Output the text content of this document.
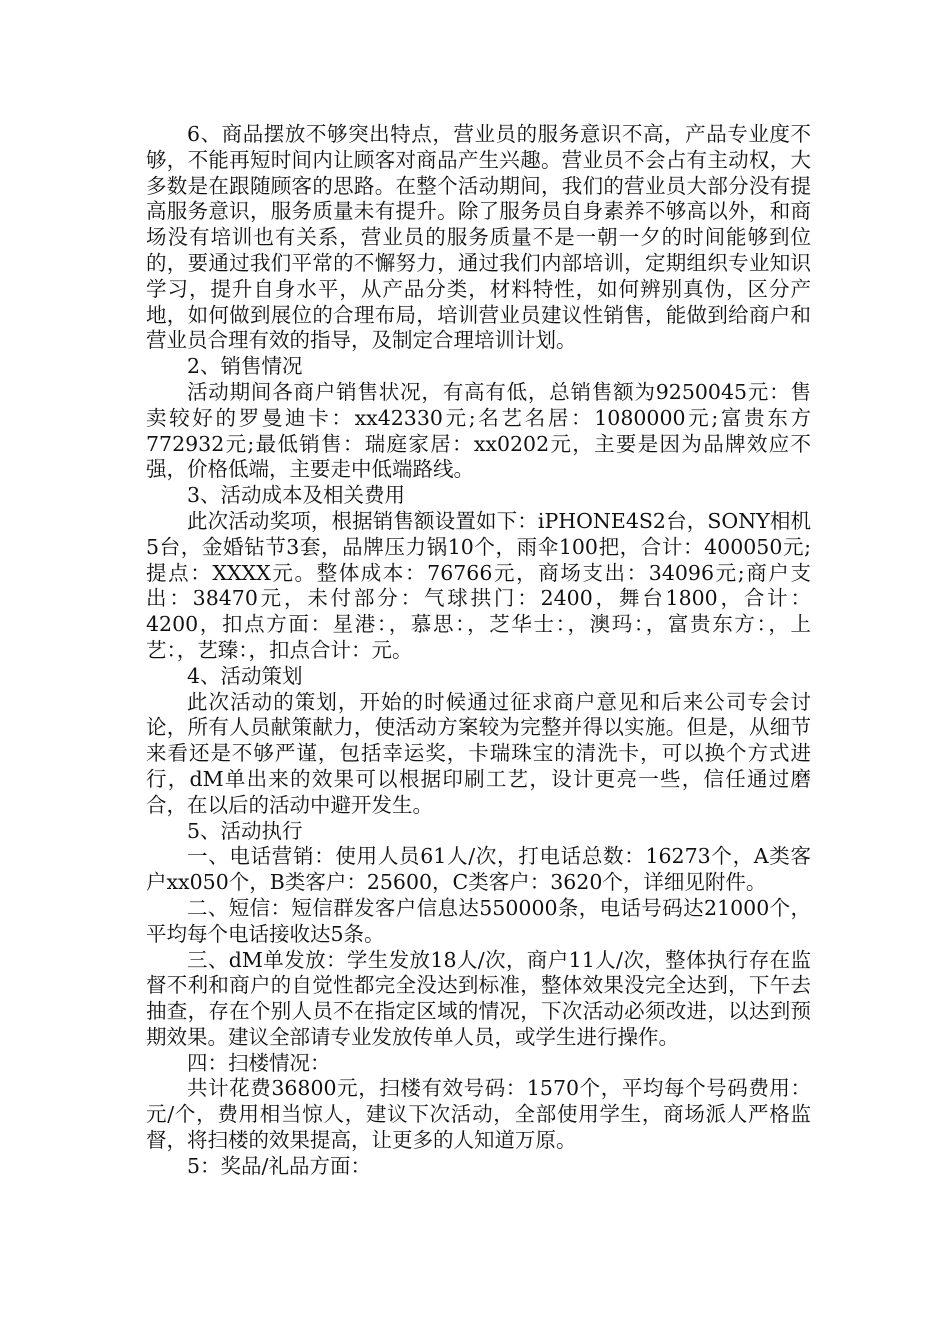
6、商品摆放不够突出特点，营业员的服务意识不高，产品专业度不够，不能再短时间内让顾客对商品产生兴趣。营业员不会占有主动权，大多数是在跟随顾客的思路。在整个活动期间，我们的营业员大部分没有提高服务意识，服务质量未有提升。除了服务员自身素养不够高以外，和商场没有培训也有关系，营业员的服务质量不是一朝一夕的时间能够到位的，要通过我们平常的不懈努力，通过我们内部培训，定期组织专业知识学习，提升自身水平，从产品分类，材料特性，如何辨别真伪，区分产地，如何做到展位的合理布局，培训营业员建议性销售，能做到给商户和营业员合理有效的指导，及制定合理培训计划。

2、销售情况

活动期间各商户销售状况，有高有低，总销售额为9250045元：售卖较好的罗曼迪卡：xx42330元;名艺名居：1080000元;富贵东方772932元;最低销售：瑞庭家居：xx0202元，主要是因为品牌效应不强，价格低端，主要走中低端路线。

3、活动成本及相关费用

此次活动奖项，根据销售额设置如下：iPHONE4S2台，SONY相机5台，金婚钻节3套，品牌压力锅10个，雨伞100把，合计：400050元;提点：XXXX元。整体成本：76766元，商场支出：34096元;商户支出：38470元，未付部分：气球拱门：2400，舞台1800，合计：4200，扣点方面：星港：，慕思：，芝华士：，澳玛：，富贵东方：，上艺：，艺臻：，扣点合计：元。

4、活动策划

此次活动的策划，开始的时候通过征求商户意见和后来公司专会讨论，所有人员献策献力，使活动方案较为完整并得以实施。但是，从细节来看还是不够严谨，包括幸运奖，卡瑞珠宝的清洗卡，可以换个方式进行，dM单出来的效果可以根据印刷工艺，设计更亮一些，信任通过磨合，在以后的活动中避开发生。

5、活动执行

一、电话营销：使用人员61人/次，打电话总数：16273个，A类客户xx050个，B类客户：25600，C类客户：3620个，详细见附件。

二、短信：短信群发客户信息达550000条，电话号码达21000个，平均每个电话接收达5条。

三、dM单发放：学生发放18人/次，商户11人/次，整体执行存在监督不利和商户的自觉性都完全没达到标准，整体效果没完全达到，下午去抽查，存在个别人员不在指定区域的情况，下次活动必须改进，以达到预期效果。建议全部请专业发放传单人员，或学生进行操作。

四：扫楼情况：

共计花费36800元，扫楼有效号码：1570个，平均每个号码费用：元/个，费用相当惊人，建议下次活动，全部使用学生，商场派人严格监督，将扫楼的效果提高，让更多的人知道万原。

5：奖品/礼品方面：
